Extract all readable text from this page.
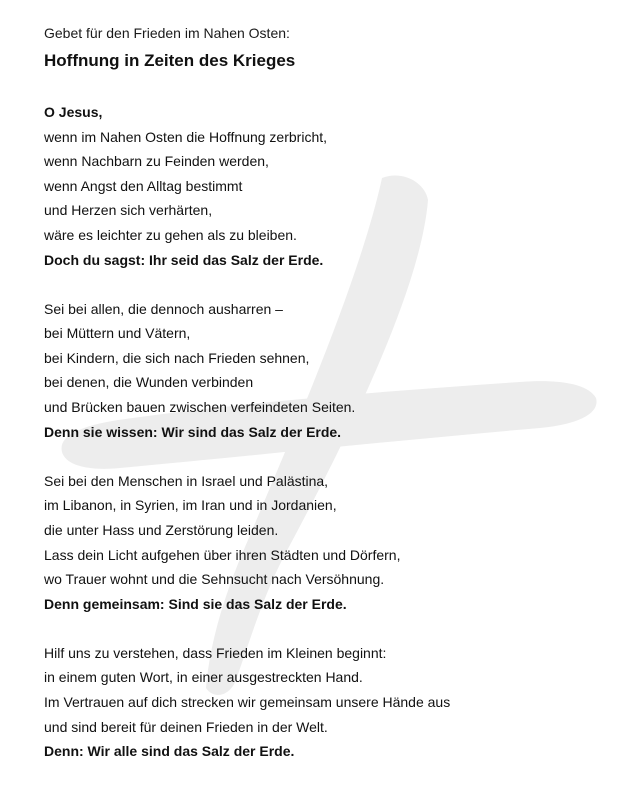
Gebet für den Frieden im Nahen Osten:

Hoffnung in Zeiten des Krieges
O Jesus,
wenn im Nahen Osten die Hoffnung zerbricht,
wenn Nachbarn zu Feinden werden,
wenn Angst den Alltag bestimmt
und Herzen sich verhärten,
wäre es leichter zu gehen als zu bleiben.
Doch du sagst: Ihr seid das Salz der Erde.
Sei bei allen, die dennoch ausharren –
bei Müttern und Vätern,
bei Kindern, die sich nach Frieden sehnen,
bei denen, die Wunden verbinden
und Brücken bauen zwischen verfeindeten Seiten.
Denn sie wissen: Wir sind das Salz der Erde.
Sei bei den Menschen in Israel und Palästina,
im Libanon, in Syrien, im Iran und in Jordanien,
die unter Hass und Zerstörung leiden.
Lass dein Licht aufgehen über ihren Städten und Dörfern,
wo Trauer wohnt und die Sehnsucht nach Versöhnung.
Denn gemeinsam: Sind sie das Salz der Erde.
Hilf uns zu verstehen, dass Frieden im Kleinen beginnt:
in einem guten Wort, in einer ausgestreckten Hand.
Im Vertrauen auf dich strecken wir gemeinsam unsere Hände aus
und sind bereit für deinen Frieden in der Welt.
Denn: Wir alle sind das Salz der Erde.
